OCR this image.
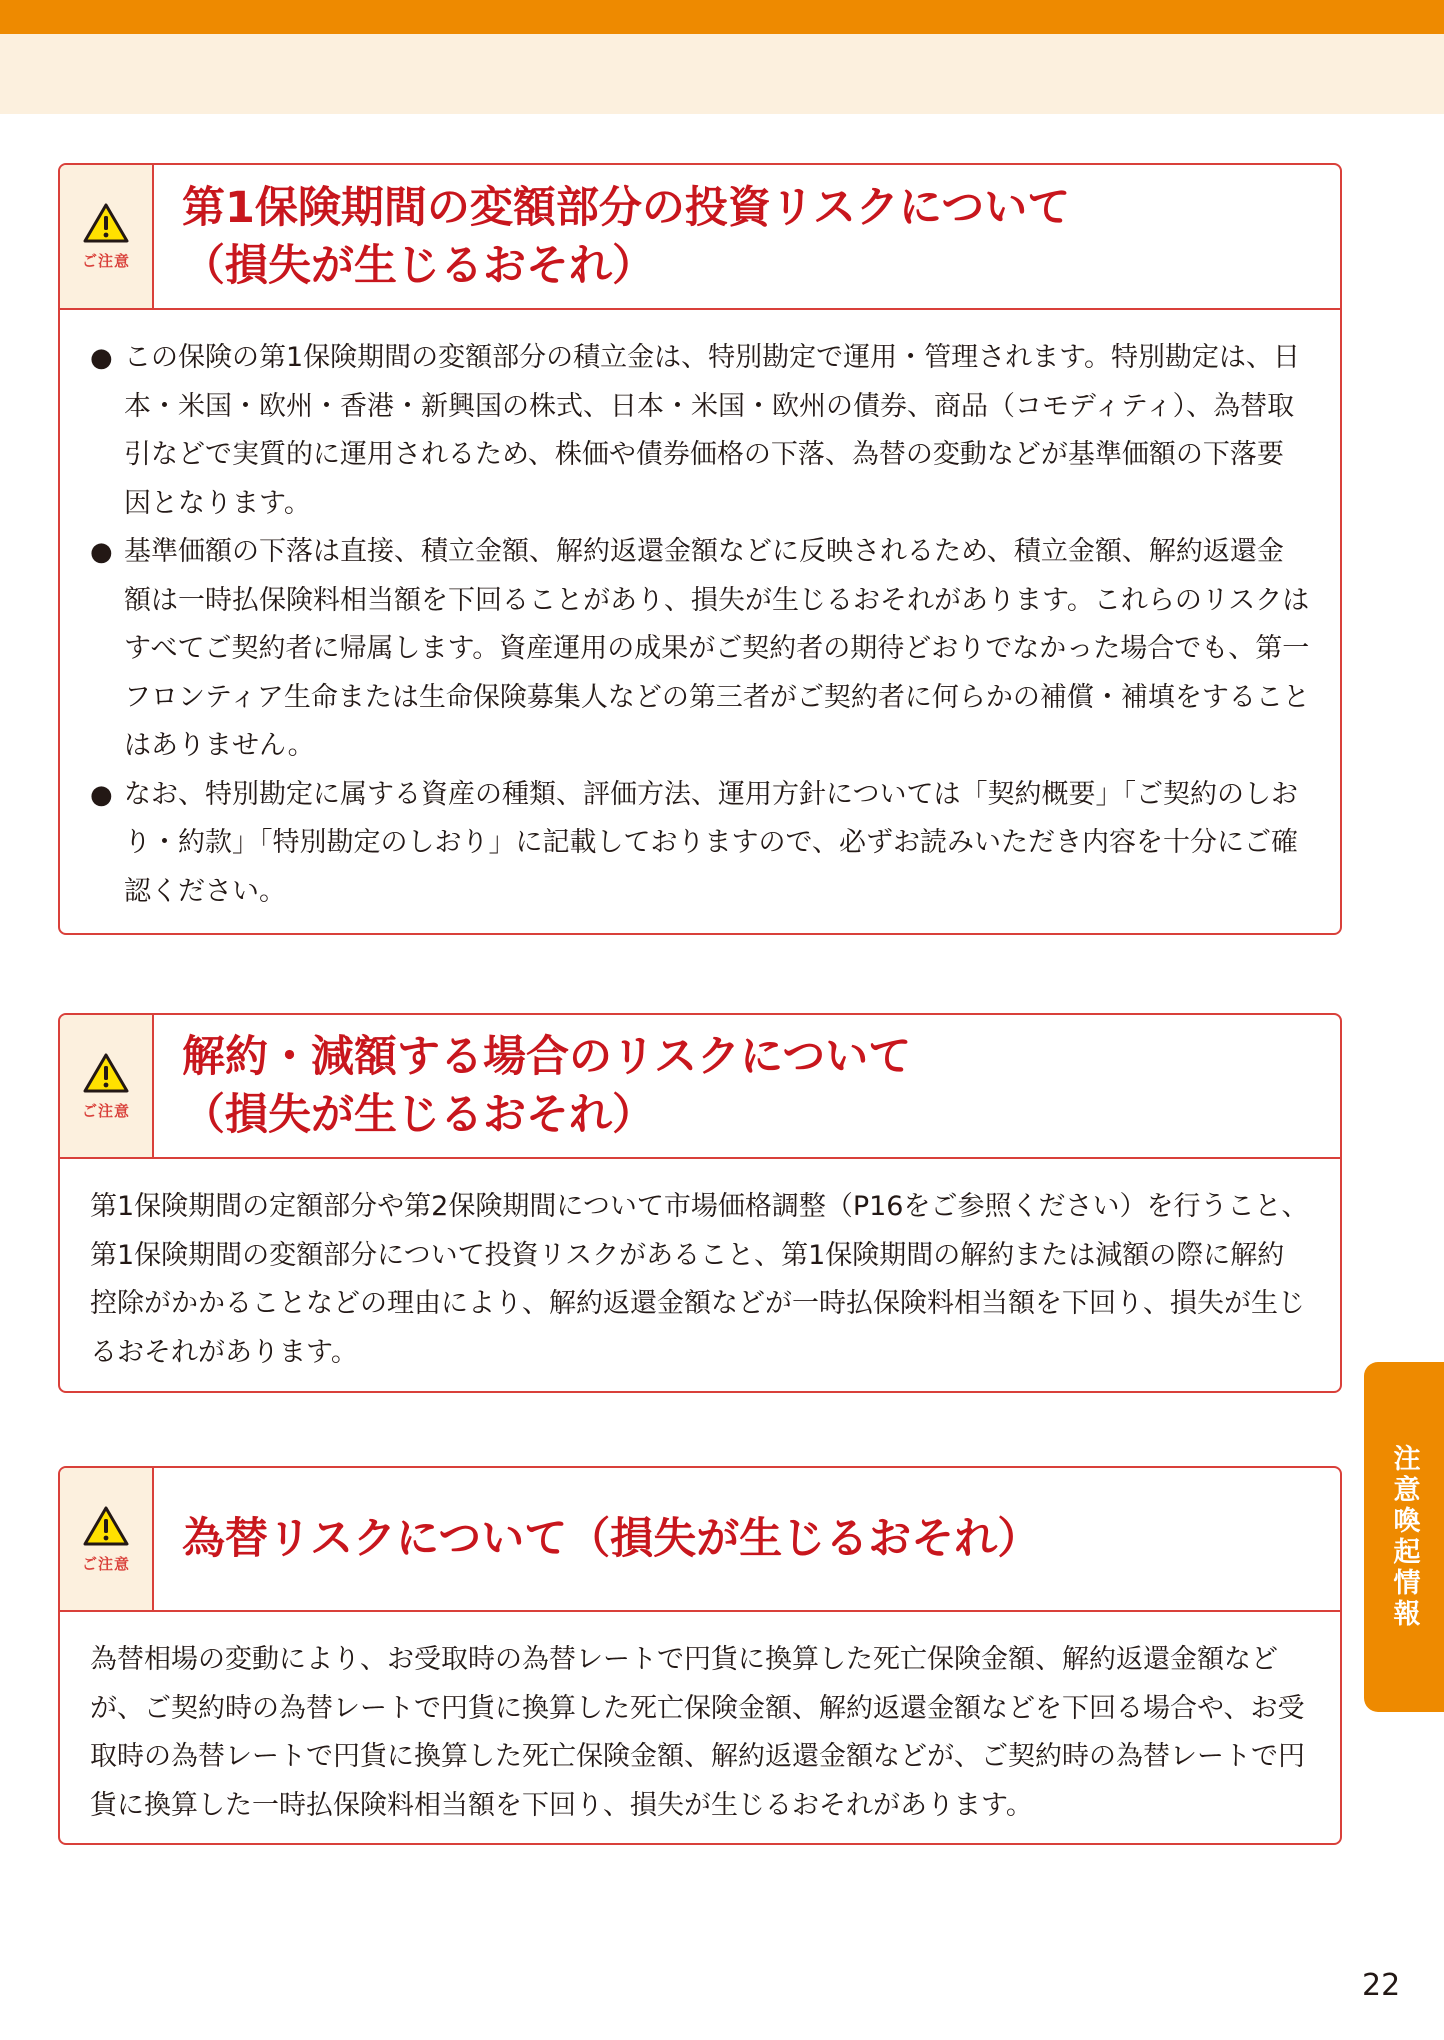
ご注意
第1保険期間の変額部分の投資リスクについて
（損失が生じるおそれ）
● この保険の第1保険期間の変額部分の積立金は、特別勘定で運用・管理されます。特別勘定は、日本・米国・欧州・香港・新興国の株式、日本・米国・欧州の債券、商品（コモディティ）、為替取引などで実質的に運用されるため、株価や債券価格の下落、為替の変動などが基準価額の下落要因となります。
● 基準価額の下落は直接、積立金額、解約返還金額などに反映されるため、積立金額、解約返還金額は一時払保険料相当額を下回ることがあり、損失が生じるおそれがあります。これらのリスクはすべてご契約者に帰属します。資産運用の成果がご契約者の期待どおりでなかった場合でも、第一フロンティア生命または生命保険募集人などの第三者がご契約者に何らかの補償・補填をすることはありません。
● なお、特別勘定に属する資産の種類、評価方法、運用方針については「契約概要」「ご契約のしおり・約款」「特別勘定のしおり」に記載しておりますので、必ずお読みいただき内容を十分にご確認ください。
ご注意
解約・減額する場合のリスクについて
（損失が生じるおそれ）
第1保険期間の定額部分や第2保険期間について市場価格調整（P16をご参照ください）を行うこと、第1保険期間の変額部分について投資リスクがあること、第1保険期間の解約または減額の際に解約控除がかかることなどの理由により、解約返還金額などが一時払保険料相当額を下回り、損失が生じるおそれがあります。
ご注意 為替リスクについて（損失が生じるおそれ）
為替相場の変動により、お受取時の為替レートで円貨に換算した死亡保険金額、解約返還金額などが、ご契約時の為替レートで円貨に換算した死亡保険金額、解約返還金額などを下回る場合や、お受取時の為替レートで円貨に換算した死亡保険金額、解約返還金額などが、ご契約時の為替レートで円貨に換算した一時払保険料相当額を下回り、損失が生じるおそれがあります。
注意喚起情報
22
